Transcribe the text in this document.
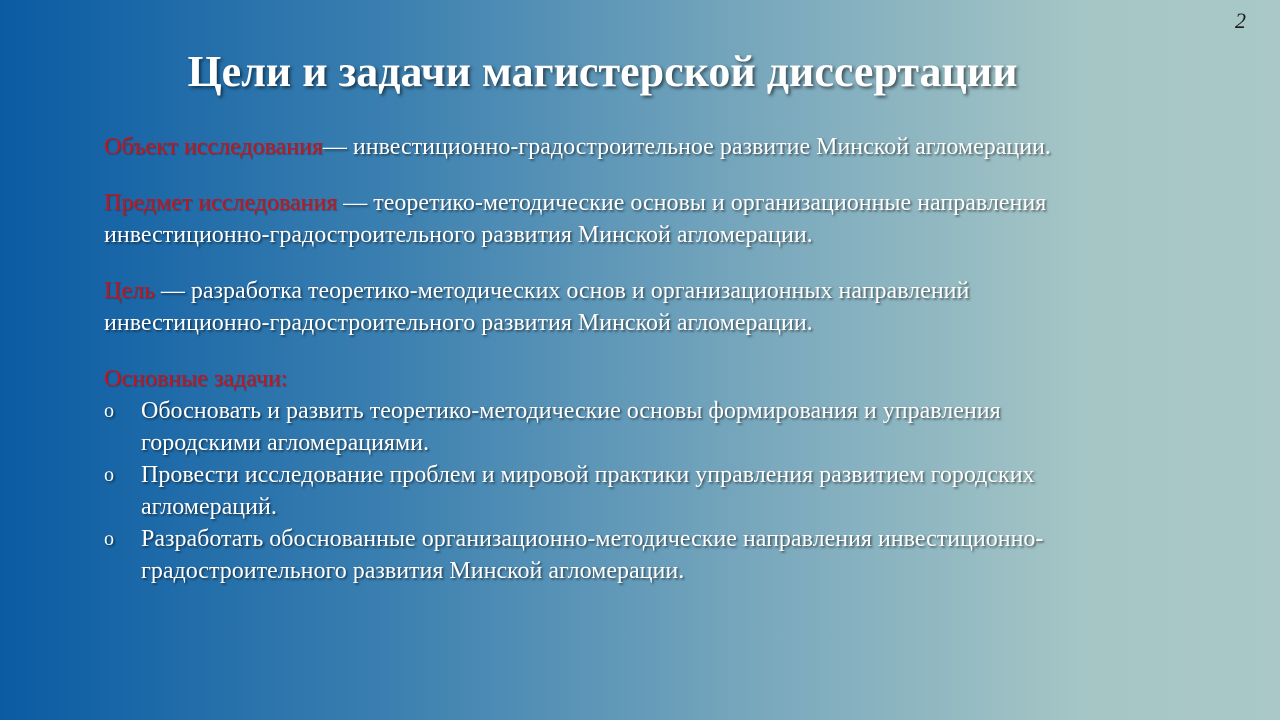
2
Цели и задачи магистерской диссертации

Объект исследования— инвестиционно-градостроительное развитие Минской агломерации.

Предмет исследования — теоретико-методические основы и организационные направления инвестиционно-градостроительного развития Минской агломерации.

Цель — разработка теоретико-методических основ и организационных направлений инвестиционно-градостроительного развития Минской агломерации.

Основные задачи:

o Обосновать и развить теоретико-методические основы формирования и управления городскими агломерациями.
o Провести исследование проблем и мировой практики управления развитием городских агломераций.
o Разработать обоснованные организационно-методические направления инвестиционно-градостроительного развития Минской агломерации.
